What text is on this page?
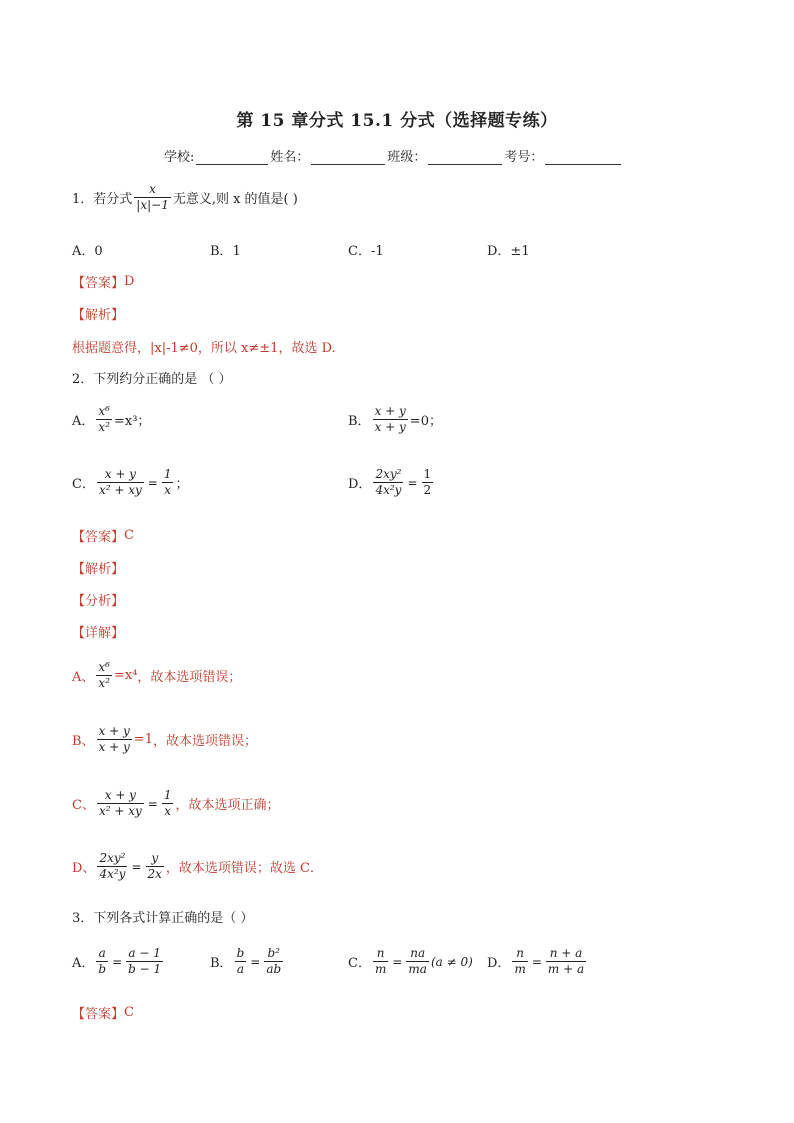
第 15 章分式 15.1 分式（选择题专练）
学校:	姓名：	班级：	考号：
1．若分式 $\frac{x}{|x|-1}$ 无意义,则 x 的值是( )
A．0	B．1	C．-1	D．±1
【答案】 D
【解析】
根据题意得，|x|-1≠0，所以 x≠±1，故选 D.
2．下列约分正确的是 （ ）
A． $\frac{\text{x⁶}}{\text{x²}} =x^3$；	B． $\frac{x + y}{x + y} =0$；
C． $\frac{x + y}{\text{x² + xy}} = \frac{1}{x}$ ；	D． $\frac{\text{2xy²}}{\text{4x²y}} = \frac{1}{2}$
【答案】 C
【解析】
【分析】
【详解】
A、 $\frac{\text{x⁶}}{\text{x²}} =x^4$ ，故本选项错误；
B、 $\frac{x + y}{x + y} =1$ ，故本选项错误；
C、 $\frac{x + y}{\text{x² + xy}} = \frac{1}{x}$ ，故本选项正确；
D、 $\frac{\text{2xy²}}{\text{4x²y}} = \frac{y}{2x}$ ，故本选项错误；故选 C．
3．下列各式计算正确的是（ ）
A． $\frac{a}{b} = \frac{a - 1}{b - 1}$	B． $\frac{b}{a} = \frac{\text{b²}}{ab}$	C． $\frac{n}{m} = \frac{na}{ma} (a \ne 0)$ D． $\frac{n}{m} = \frac{n + a}{m + a}$
【答案】 C
